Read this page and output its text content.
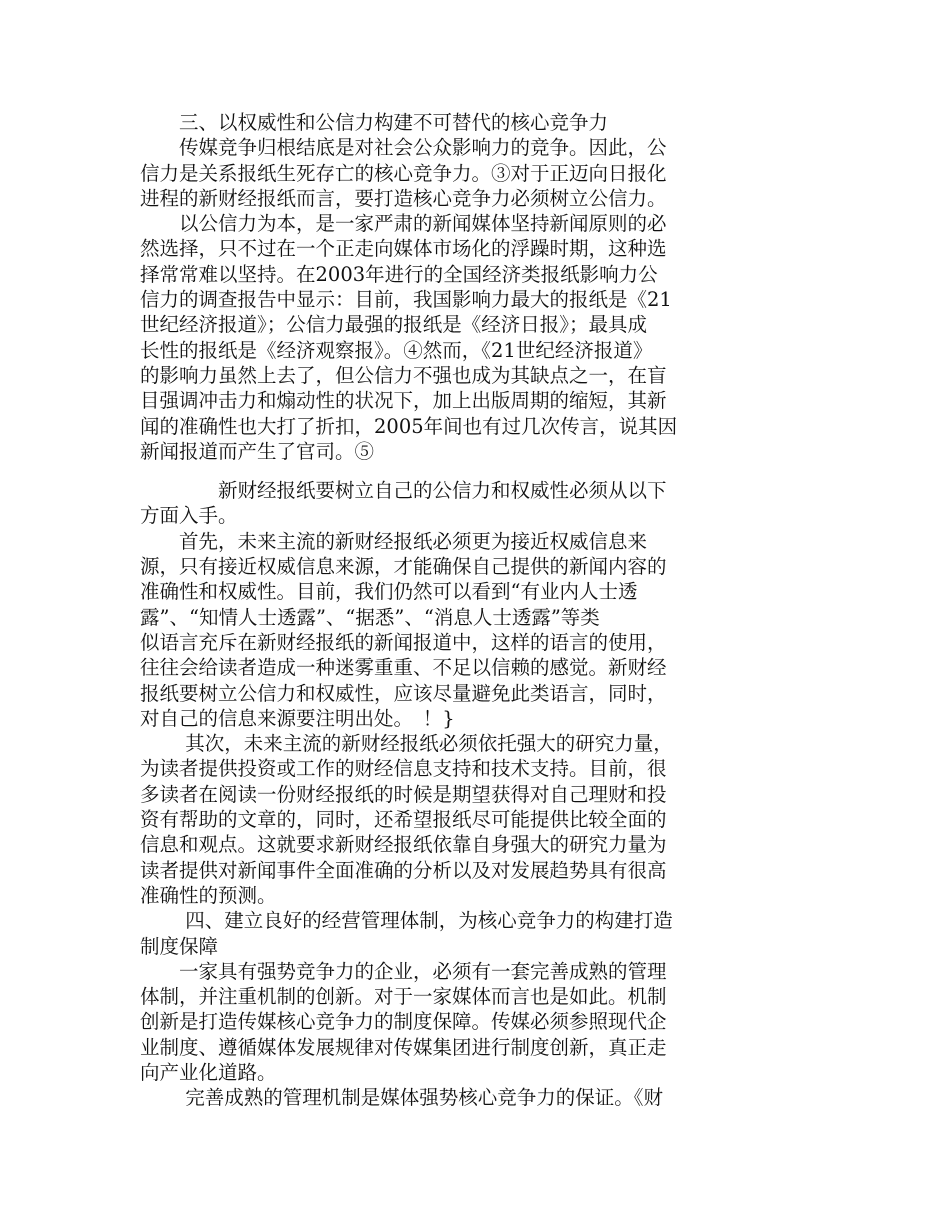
　　三、以权威性和公信力构建不可替代的核心竞争力
　　传媒竞争归根结底是对社会公众影响力的竞争。因此，公
信力是关系报纸生死存亡的核心竞争力。③对于正迈向日报化
进程的新财经报纸而言，要打造核心竞争力必须树立公信力。
　　以公信力为本，是一家严肃的新闻媒体坚持新闻原则的必
然选择，只不过在一个正走向媒体市场化的浮躁时期，这种选
择常常难以坚持。在2003年进行的全国经济类报纸影响力公
信力的调查报告中显示：目前，我国影响力最大的报纸是《21
世纪经济报道》；公信力最强的报纸是《经济日报》；最具成
长性的报纸是《经济观察报》。④然而，《21世纪经济报道》
的影响力虽然上去了，但公信力不强也成为其缺点之一，在盲
目强调冲击力和煽动性的状况下，加上出版周期的缩短，其新
闻的准确性也大打了折扣，2005年间也有过几次传言，说其因
新闻报道而产生了官司。⑤
　　　　新财经报纸要树立自己的公信力和权威性必须从以下
方面入手。
　　首先，未来主流的新财经报纸必须更为接近权威信息来
源，只有接近权威信息来源，才能确保自己提供的新闻内容的
准确性和权威性。目前，我们仍然可以看到“有业内人士透
露”、“知情人士透露”、“据悉”、“消息人士透露”等类
似语言充斥在新财经报纸的新闻报道中，这样的语言的使用，
往往会给读者造成一种迷雾重重、不足以信赖的感觉。新财经
报纸要树立公信力和权威性，应该尽量避免此类语言，同时，
对自己的信息来源要注明出处。　！}
　　 其次，未来主流的新财经报纸必须依托强大的研究力量，
为读者提供投资或工作的财经信息支持和技术支持。目前，很
多读者在阅读一份财经报纸的时候是期望获得对自己理财和投
资有帮助的文章的，同时，还希望报纸尽可能提供比较全面的
信息和观点。这就要求新财经报纸依靠自身强大的研究力量为
读者提供对新闻事件全面准确的分析以及对发展趋势具有很高
准确性的预测。
　　 四、建立良好的经营管理体制，为核心竞争力的构建打造
制度保障
　　一家具有强势竞争力的企业，必须有一套完善成熟的管理
体制，并注重机制的创新。对于一家媒体而言也是如此。机制
创新是打造传媒核心竞争力的制度保障。传媒必须参照现代企
业制度、遵循媒体发展规律对传媒集团进行制度创新，真正走
向产业化道路。
　　 完善成熟的管理机制是媒体强势核心竞争力的保证。《财
